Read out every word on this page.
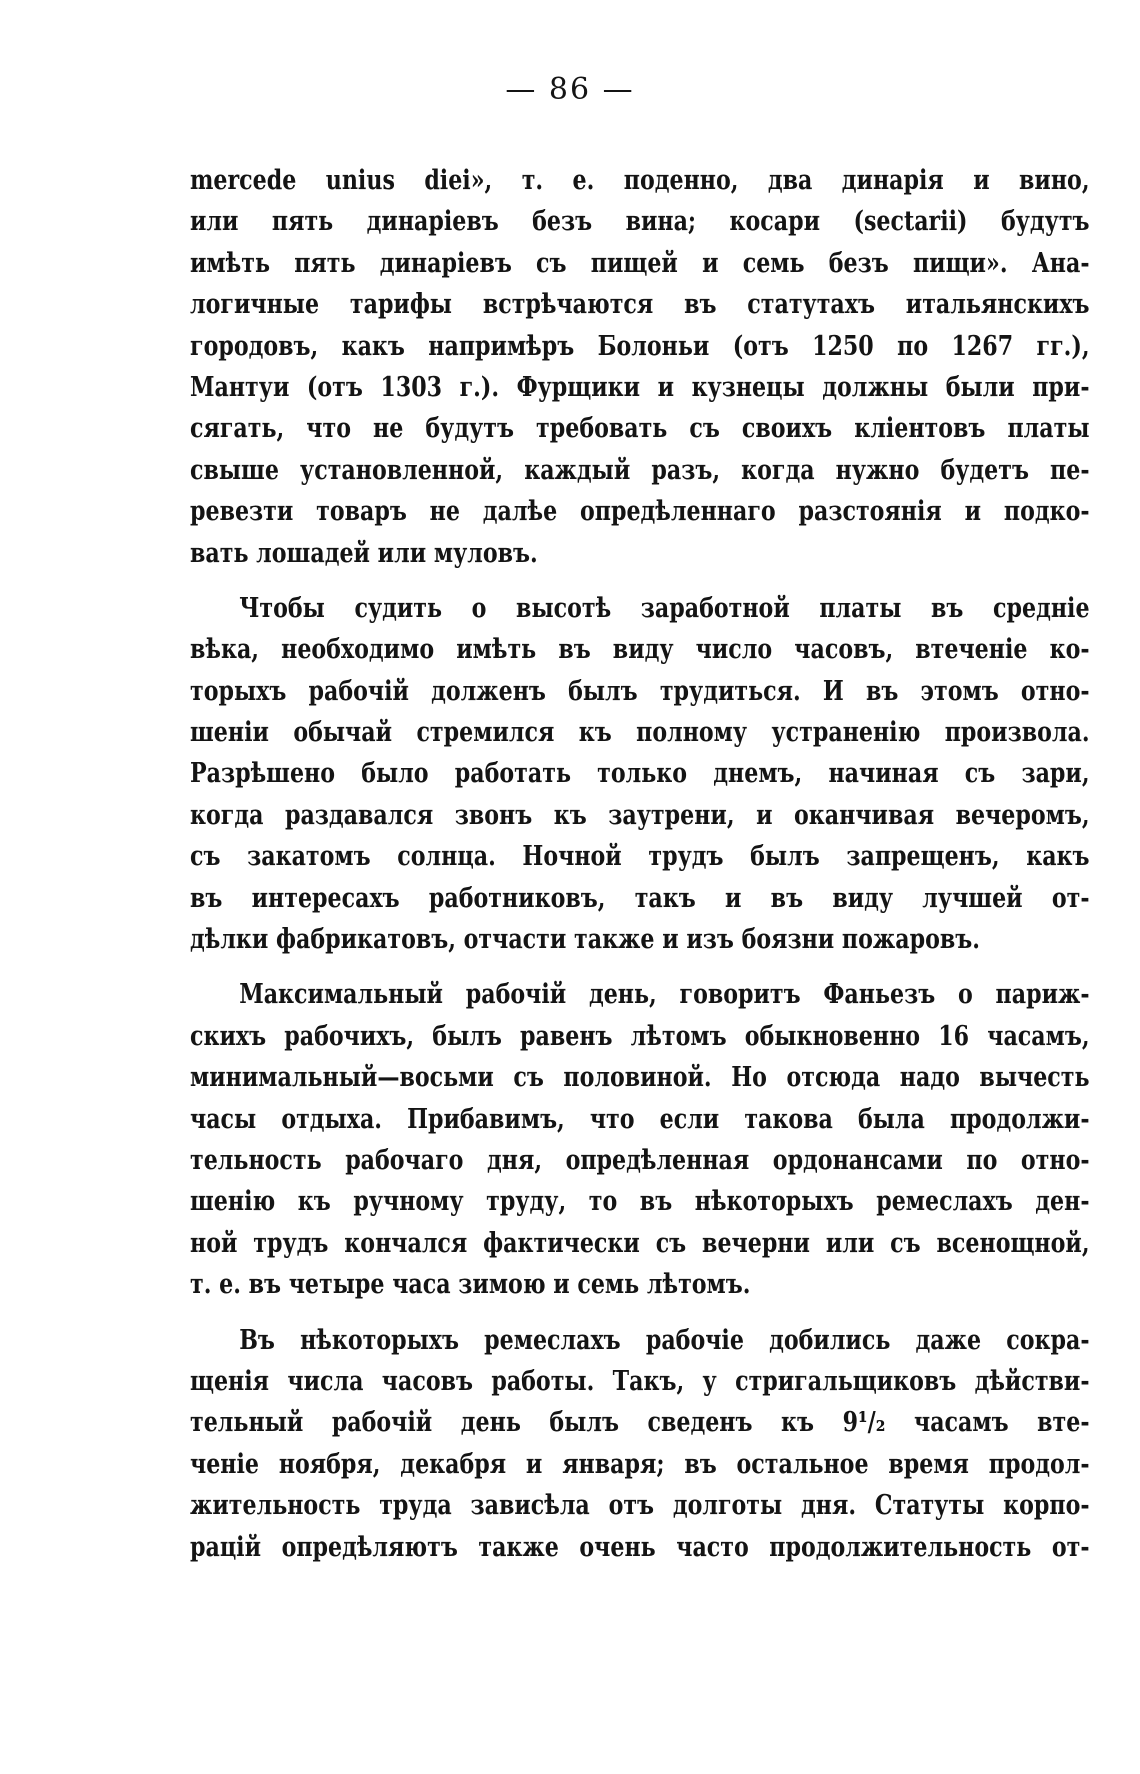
— 86 —
mercede unius diei», т. е. поденно, два динарія и вино,
или пять динаріевъ безъ вина; косари (sectarii) будутъ
имѣть пять динаріевъ съ пищей и семь безъ пищи». Ана-
логичные тарифы встрѣчаются въ статутахъ итальянскихъ
городовъ, какъ напримѣръ Болоньи (отъ 1250 по 1267 гг.),
Мантуи (отъ 1303 г.). Фурщики и кузнецы должны были при-
сягать, что не будутъ требовать съ своихъ кліентовъ платы
свыше установленной, каждый разъ, когда нужно будетъ пе-
ревезти товаръ не далѣе опредѣленнаго разстоянія и подко-
вать лошадей или муловъ.
Чтобы судить о высотѣ заработной платы въ средніе
вѣка, необходимо имѣть въ виду число часовъ, втеченіе ко-
торыхъ рабочій долженъ былъ трудиться. И въ этомъ отно-
шеніи обычай стремился къ полному устраненію произвола.
Разрѣшено было работать только днемъ, начиная съ зари,
когда раздавался звонъ къ заутрени, и оканчивая вечеромъ,
съ закатомъ солнца. Ночной трудъ былъ запрещенъ, какъ
въ интересахъ работниковъ, такъ и въ виду лучшей от-
дѣлки фабрикатовъ, отчасти также и изъ боязни пожаровъ.
Максимальный рабочій день, говоритъ Фаньезъ о париж-
скихъ рабочихъ, былъ равенъ лѣтомъ обыкновенно 16 часамъ,
минимальный—восьми съ половиной. Но отсюда надо вычесть
часы отдыха. Прибавимъ, что если такова была продолжи-
тельность рабочаго дня, опредѣленная ордонансами по отно-
шенію къ ручному труду, то въ нѣкоторыхъ ремеслахъ ден-
ной трудъ кончался фактически съ вечерни или съ всенощной,
т. е. въ четыре часа зимою и семь лѣтомъ.
Въ нѣкоторыхъ ремеслахъ рабочіе добились даже сокра-
щенія числа часовъ работы. Такъ, у стригальщиковъ дѣйстви-
тельный рабочій день былъ сведенъ къ 9¹/₂ часамъ вте-
ченіе ноября, декабря и января; въ остальное время продол-
жительность труда зависѣла отъ долготы дня. Статуты корпо-
рацій опредѣляютъ также очень часто продолжительность от-
